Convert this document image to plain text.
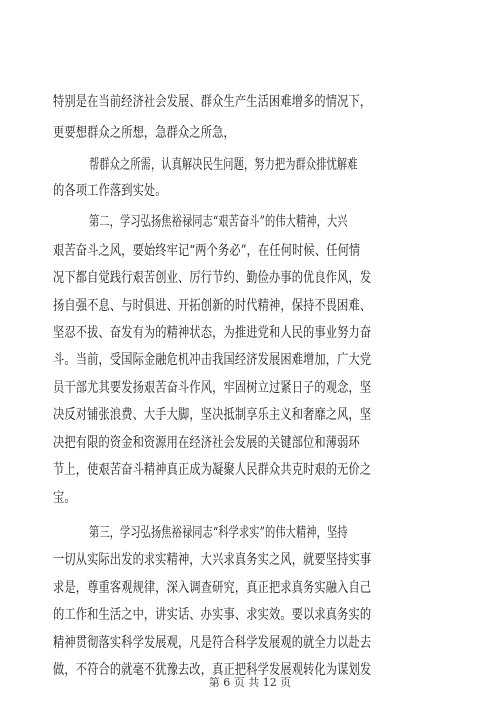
特别是在当前经济社会发展、群众生产生活困难增多的情况下，
更要想群众之所想，急群众之所急，
帮群众之所需，认真解决民生问题，努力把为群众排忧解难
的各项工作落到实处。
第二，学习弘扬焦裕禄同志“艰苦奋斗”的伟大精神，大兴
艰苦奋斗之风，要始终牢记“两个务必”，在任何时候、任何情
况下都自觉践行艰苦创业、厉行节约、勤俭办事的优良作风，发
扬自强不息、与时俱进、开拓创新的时代精神，保持不畏困难、
坚忍不拔、奋发有为的精神状态，为推进党和人民的事业努力奋
斗。当前，受国际金融危机冲击我国经济发展困难增加，广大党
员干部尤其要发扬艰苦奋斗作风，牢固树立过紧日子的观念，坚
决反对铺张浪费、大手大脚，坚决抵制享乐主义和奢靡之风，坚
决把有限的资金和资源用在经济社会发展的关键部位和薄弱环
节上，使艰苦奋斗精神真正成为凝聚人民群众共克时艰的无价之
宝。
第三，学习弘扬焦裕禄同志“科学求实”的伟大精神，坚持
一切从实际出发的求实精神，大兴求真务实之风，就要坚持实事
求是，尊重客观规律，深入调查研究，真正把求真务实融入自己
的工作和生活之中，讲实话、办实事、求实效。要以求真务实的
精神贯彻落实科学发展观，凡是符合科学发展观的就全力以赴去
做，不符合的就毫不犹豫去改，真正把科学发展观转化为谋划发
第 6 页 共 12 页
